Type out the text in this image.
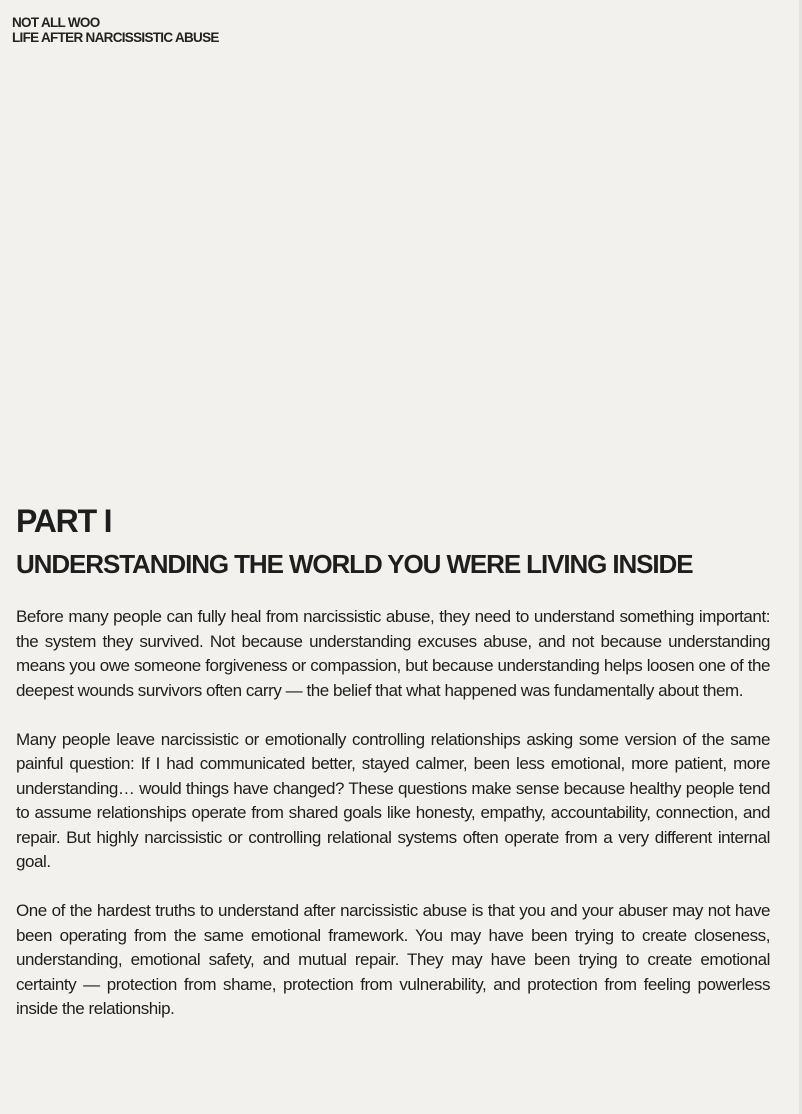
NOT ALL WOO
LIFE AFTER NARCISSISTIC ABUSE
PART I
UNDERSTANDING THE WORLD YOU WERE LIVING INSIDE

Before many people can fully heal from narcissistic abuse, they need to understand something important: the system they survived. Not because understanding excuses abuse, and not because understanding means you owe someone forgiveness or compassion, but because understanding helps loosen one of the deepest wounds survivors often carry — the belief that what happened was fundamentally about them.

Many people leave narcissistic or emotionally controlling relationships asking some version of the same painful question: If I had communicated better, stayed calmer, been less emotional, more patient, more understanding… would things have changed? These questions make sense because healthy people tend to assume relationships operate from shared goals like honesty, empathy, accountability, connection, and repair. But highly narcissistic or controlling relational systems often operate from a very different internal goal.

One of the hardest truths to understand after narcissistic abuse is that you and your abuser may not have been operating from the same emotional framework. You may have been trying to create closeness, understanding, emotional safety, and mutual repair. They may have been trying to create emotional certainty — protection from shame, protection from vulnerability, and protection from feeling powerless inside the relationship.
